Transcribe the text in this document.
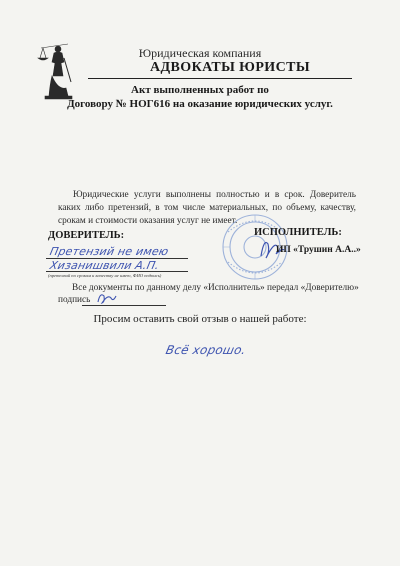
Юридическая компания
АДВОКАТЫ ЮРИСТЫ
Акт выполненных работ по
Договору № НОГ616 на оказание юридических услуг.
Юридические услуги выполнены полностью и в срок. Доверитель каких либо претензий, в том числе материальных, по объему, качеству, срокам и стоимости оказания услуг не имеет.
ДОВЕРИТЕЛЬ:	ИСПОЛНИТЕЛЬ:
Претензий не имею
Хизанишвили А.П.
(претензий по срокам и качеству не имею, ФИО подпись)
ИП «Трушин А.А..»
Все документы по данному делу «Исполнитель» передал «Доверителю»
подпись
Просим оставить свой отзыв о нашей работе:
Всё хорошо.
